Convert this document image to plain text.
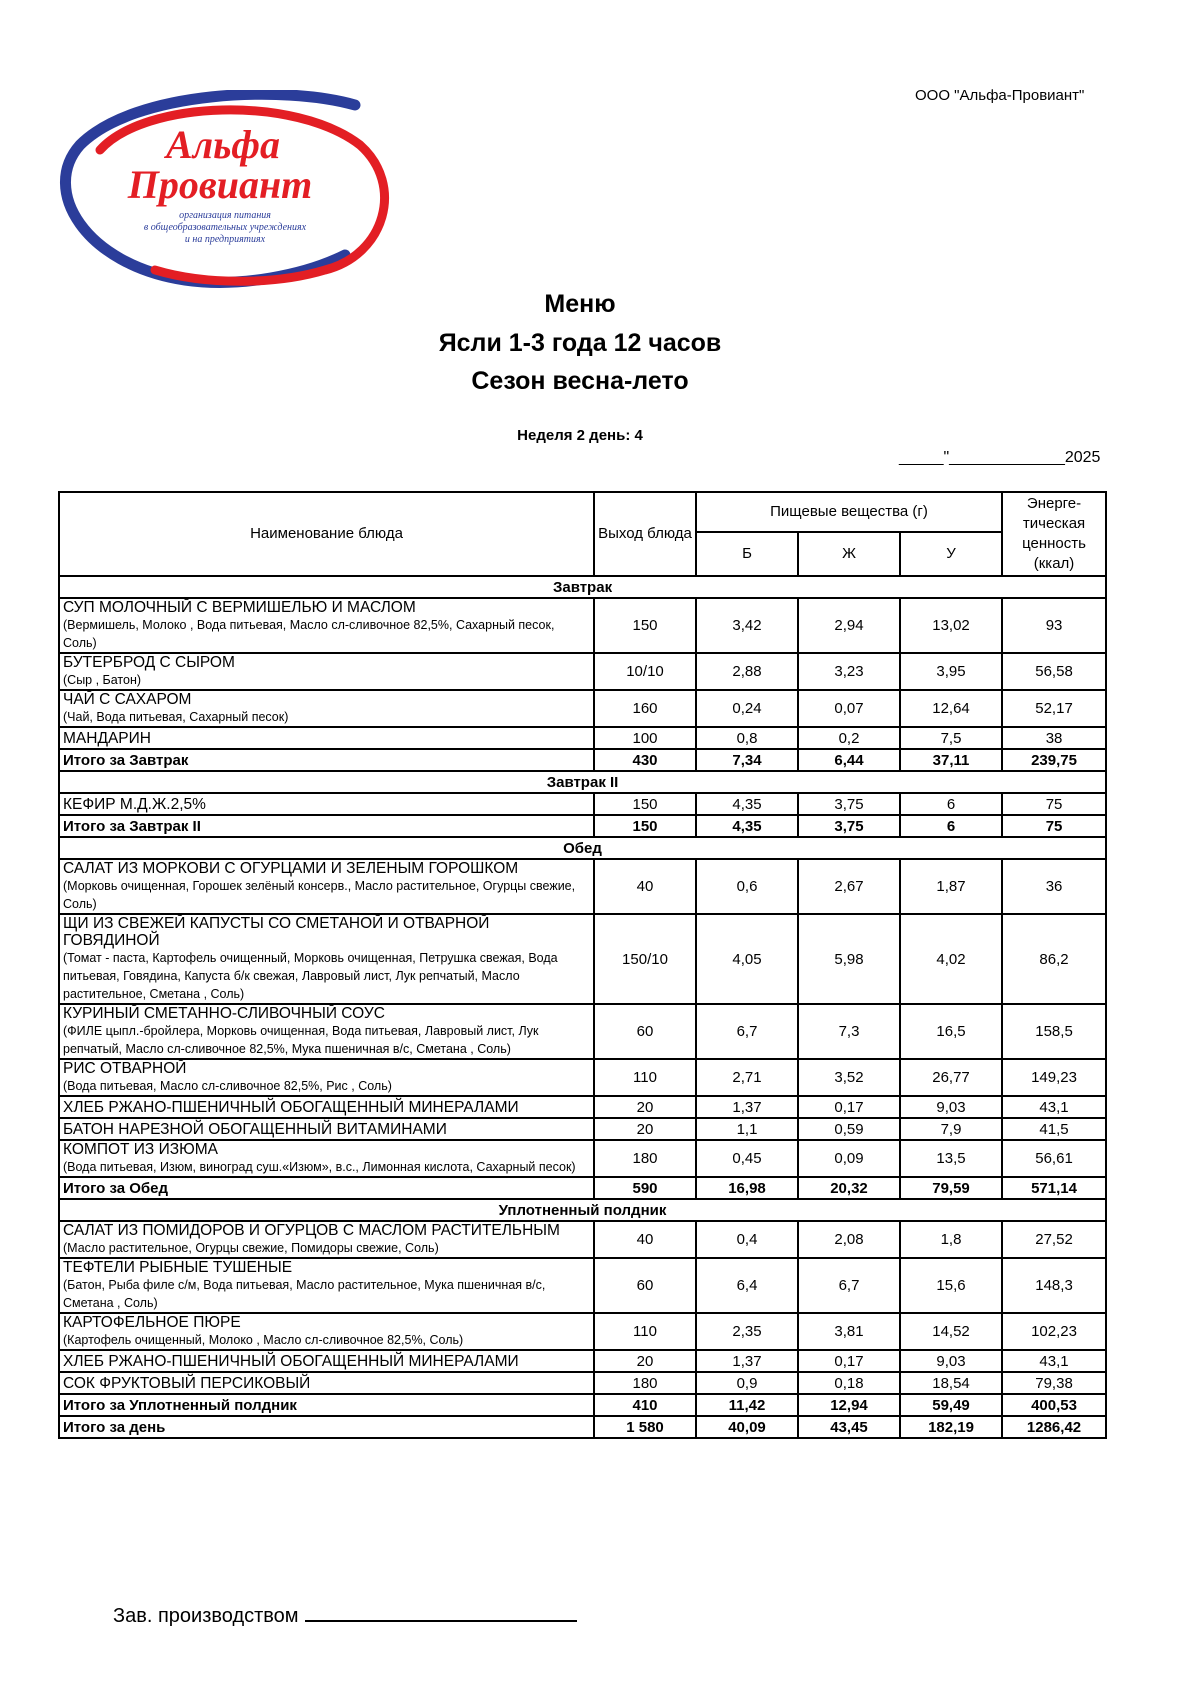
ООО "Альфа-Провиант"
Альфа
Провиант
организация питания
в общеобразовательных учреждениях
и на предприятиях
Меню
Ясли 1-3 года 12 часов
Сезон весна-лето
Неделя 2 день: 4
_____"_____________2025
Наименование блюда	Выход блюда	Пищевые вещества (г)			Энерге-тическая ценность (ккал)
		Б	Ж	У	
Завтрак					

СУП МОЛОЧНЫЙ С ВЕРМИШЕЛЬЮ И МАСЛОМ
(Вермишель, Молоко , Вода питьевая, Масло сл-сливочное 82,5%, Сахарный песок, Соль)	150	3,42	2,94	13,02	93

БУТЕРБРОД С СЫРОМ
(Сыр , Батон)	10/10	2,88	3,23	3,95	56,58

ЧАЙ С САХАРОМ
(Чай, Вода питьевая, Сахарный песок)	160	0,24	0,07	12,64	52,17

МАНДАРИН	100	0,8	0,2	7,5	38
Итого за Завтрак	430	7,34	6,44	37,11	239,75
Завтрак II					

КЕФИР М.Д.Ж.2,5%	150	4,35	3,75	6	75
Итого за Завтрак II	150	4,35	3,75	6	75
Обед					

САЛАТ ИЗ МОРКОВИ С ОГУРЦАМИ И ЗЕЛЕНЫМ ГОРОШКОМ
(Морковь очищенная, Горошек зелёный консерв., Масло растительное, Огурцы свежие, Соль)	40	0,6	2,67	1,87	36

ЩИ ИЗ СВЕЖЕЙ КАПУСТЫ СО СМЕТАНОЙ И ОТВАРНОЙ ГОВЯДИНОЙ
(Томат - паста, Картофель очищенный, Морковь очищенная, Петрушка свежая, Вода питьевая, Говядина, Капуста б/к свежая, Лавровый лист, Лук репчатый, Масло растительное, Сметана , Соль)	150/10	4,05	5,98	4,02	86,2

КУРИНЫЙ СМЕТАННО-СЛИВОЧНЫЙ СОУС
(ФИЛЕ цыпл.-бройлера, Морковь очищенная, Вода питьевая, Лавровый лист, Лук репчатый, Масло сл-сливочное 82,5%, Мука пшеничная в/с, Сметана , Соль)	60	6,7	7,3	16,5	158,5

РИС ОТВАРНОЙ
(Вода питьевая, Масло сл-сливочное 82,5%, Рис , Соль)	110	2,71	3,52	26,77	149,23

ХЛЕБ РЖАНО-ПШЕНИЧНЫЙ ОБОГАЩЕННЫЙ МИНЕРАЛАМИ	20	1,37	0,17	9,03	43,1

БАТОН НАРЕЗНОЙ ОБОГАЩЕННЫЙ ВИТАМИНАМИ	20	1,1	0,59	7,9	41,5

КОМПОТ ИЗ ИЗЮМА
(Вода питьевая, Изюм, виноград суш.«Изюм», в.с., Лимонная кислота, Сахарный песок)	180	0,45	0,09	13,5	56,61
Итого за Обед	590	16,98	20,32	79,59	571,14
Уплотненный полдник					

САЛАТ ИЗ ПОМИДОРОВ И ОГУРЦОВ С МАСЛОМ РАСТИТЕЛЬНЫМ
(Масло растительное, Огурцы свежие, Помидоры свежие, Соль)	40	0,4	2,08	1,8	27,52

ТЕФТЕЛИ РЫБНЫЕ ТУШЕНЫЕ
(Батон, Рыба филе с/м, Вода питьевая, Масло растительное, Мука пшеничная в/с, Сметана , Соль)	60	6,4	6,7	15,6	148,3

КАРТОФЕЛЬНОЕ ПЮРЕ
(Картофель очищенный, Молоко , Масло сл-сливочное 82,5%, Соль)	110	2,35	3,81	14,52	102,23

ХЛЕБ РЖАНО-ПШЕНИЧНЫЙ ОБОГАЩЕННЫЙ МИНЕРАЛАМИ	20	1,37	0,17	9,03	43,1

СОК ФРУКТОВЫЙ ПЕРСИКОВЫЙ	180	0,9	0,18	18,54	79,38
Итого за Уплотненный полдник	410	11,42	12,94	59,49	400,53
Итого за день	1 580	40,09	43,45	182,19	1286,42
Зав. производством
